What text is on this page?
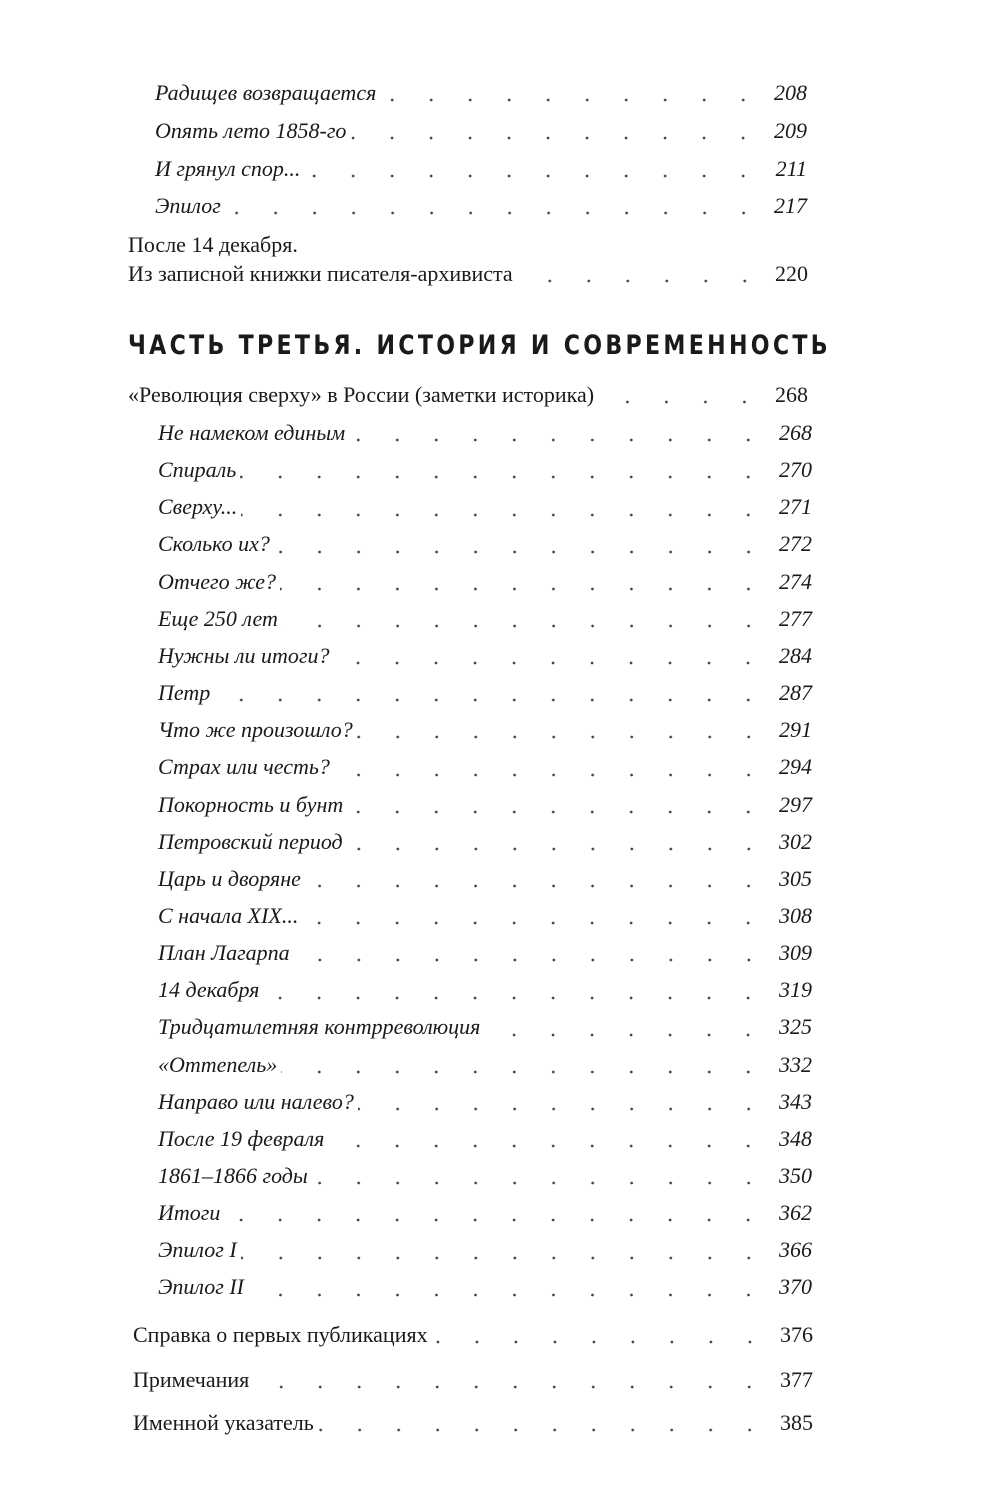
Радищев возвращается	208
Опять лето 1858-го	209
И грянул спор...	211
Эпилог	217
После 14 декабря.
Из записной книжки писателя-архивиста	220
ЧАСТЬ ТРЕТЬЯ. ИСТОРИЯ И СОВРЕМЕННОСТЬ
«Революция сверху» в России (заметки историка)	268
Не намеком единым	268
Спираль	270
Сверху...	271
Сколько их?	272
Отчего же?	274
Еще 250 лет	277
Нужны ли итоги?	284
Петр	287
Что же произошло?	291
Страх или честь?	294
Покорность и бунт	297
Петровский период	302
Царь и дворяне	305
С начала XIX...	308
План Лагарпа	309
14 декабря	319
Тридцатилетняя контрреволюция	325
«Оттепель»	332
Направо или налево?	343
После 19 февраля	348
1861–1866 годы	350
Итоги	362
Эпилог I	366
Эпилог II	370
Справка о первых публикациях	376
Примечания	377
Именной указатель	385
